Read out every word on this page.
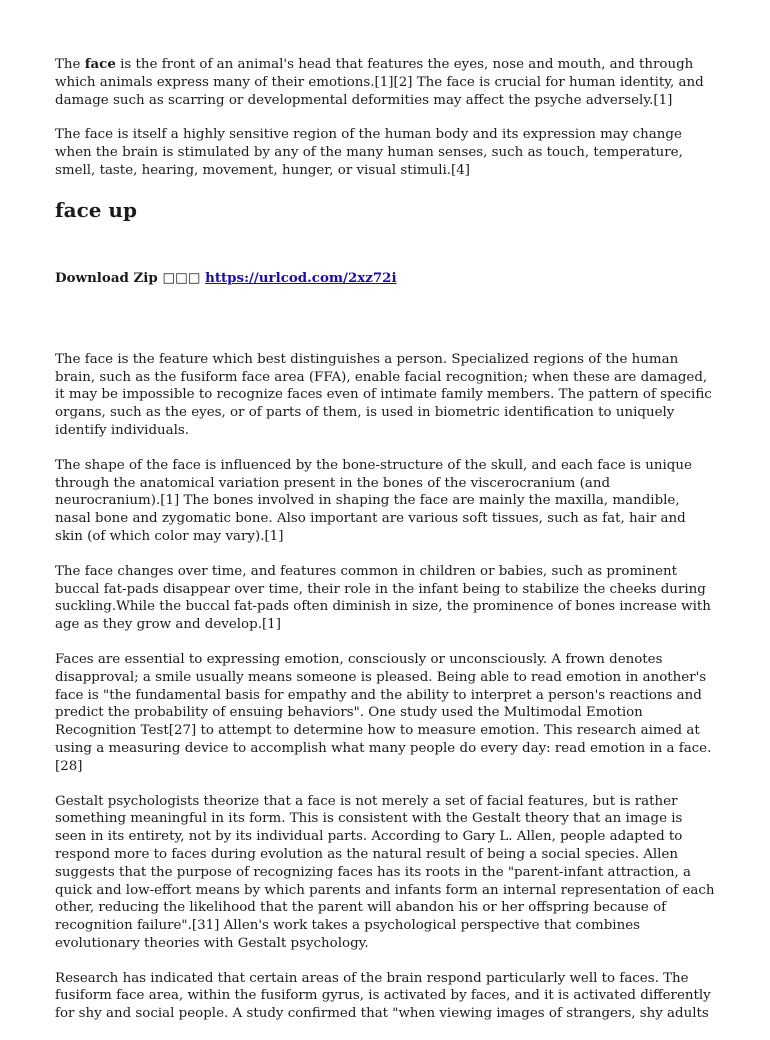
The face is the front of an animal's head that features the eyes, nose and mouth, and through which animals express many of their emotions.[1][2] The face is crucial for human identity, and damage such as scarring or developmental deformities may affect the psyche adversely.[1]

The face is itself a highly sensitive region of the human body and its expression may change when the brain is stimulated by any of the many human senses, such as touch, temperature, smell, taste, hearing, movement, hunger, or visual stimuli.[4]

face up
Download Zip □□□ https://urlcod.com/2xz72i

The face is the feature which best distinguishes a person. Specialized regions of the human brain, such as the fusiform face area (FFA), enable facial recognition; when these are damaged, it may be impossible to recognize faces even of intimate family members. The pattern of specific organs, such as the eyes, or of parts of them, is used in biometric identification to uniquely identify individuals.

The shape of the face is influenced by the bone-structure of the skull, and each face is unique through the anatomical variation present in the bones of the viscerocranium (and neurocranium).[1] The bones involved in shaping the face are mainly the maxilla, mandible, nasal bone and zygomatic bone. Also important are various soft tissues, such as fat, hair and skin (of which color may vary).[1]

The face changes over time, and features common in children or babies, such as prominent buccal fat-pads disappear over time, their role in the infant being to stabilize the cheeks during suckling.While the buccal fat-pads often diminish in size, the prominence of bones increase with age as they grow and develop.[1]

Faces are essential to expressing emotion, consciously or unconsciously. A frown denotes disapproval; a smile usually means someone is pleased. Being able to read emotion in another's face is "the fundamental basis for empathy and the ability to interpret a person's reactions and predict the probability of ensuing behaviors". One study used the Multimodal Emotion Recognition Test[27] to attempt to determine how to measure emotion. This research aimed at using a measuring device to accomplish what many people do every day: read emotion in a face.[28]

Gestalt psychologists theorize that a face is not merely a set of facial features, but is rather something meaningful in its form. This is consistent with the Gestalt theory that an image is seen in its entirety, not by its individual parts. According to Gary L. Allen, people adapted to respond more to faces during evolution as the natural result of being a social species. Allen suggests that the purpose of recognizing faces has its roots in the "parent-infant attraction, a quick and low-effort means by which parents and infants form an internal representation of each other, reducing the likelihood that the parent will abandon his or her offspring because of recognition failure".[31] Allen's work takes a psychological perspective that combines evolutionary theories with Gestalt psychology.

Research has indicated that certain areas of the brain respond particularly well to faces. The fusiform face area, within the fusiform gyrus, is activated by faces, and it is activated differently for shy and social people. A study confirmed that "when viewing images of strangers, shy adults
